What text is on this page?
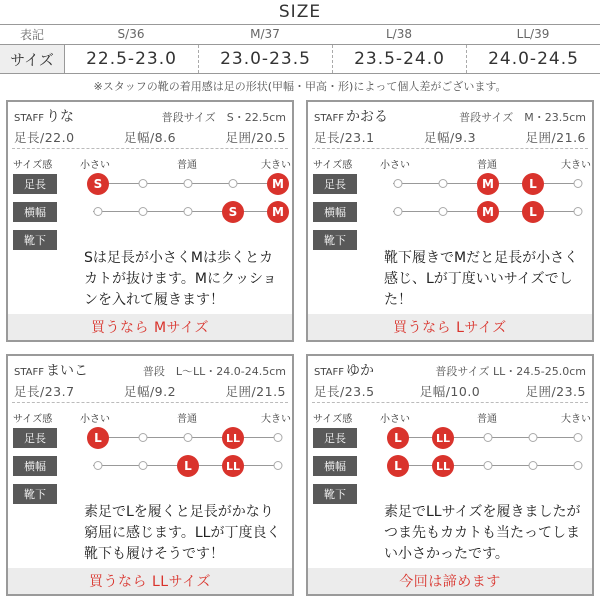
SIZE
表記	S/36	M/37	L/38	LL/39
サイズ	22.5-23.0	23.0-23.5	23.5-24.0	24.0-24.5
※スタッフの靴の着用感は足の形状(甲幅・甲高・形)によって個人差がございます。
STAFF りな	普段サイズ　S・22.5cm
足長/22.0	足幅/8.6	足囲/20.5
サイズ感	小さい	普通	大きい
足長	S	M
横幅	S	M
靴下
Sは足長が小さくMは歩くとカカトが抜けます。Mにクッションを入れて履きます！
買うなら Mサイズ
STAFF かおる	普段サイズ　M・23.5cm
足長/23.1	足幅/9.3	足囲/21.6
サイズ感	小さい	普通	大きい
足長	M	L
横幅	M	L
靴下
靴下履きでMだと足長が小さく感じ、Lが丁度いいサイズでした！
買うなら Lサイズ
STAFF まいこ	普段　L〜LL・24.0-24.5cm
足長/23.7	足幅/9.2	足囲/21.5
サイズ感	小さい	普通	大きい
足長	L	LL
横幅	L	LL
靴下
素足でLを履くと足長がかなり窮屈に感じます。LLが丁度良く靴下も履けそうです！
買うなら LLサイズ
STAFF ゆか	普段サイズ LL・24.5-25.0cm
足長/23.5	足幅/10.0	足囲/23.5
サイズ感	小さい	普通	大きい
足長	L	LL
横幅	L	LL
靴下
素足でLLサイズを履きましたがつま先もカカトも当たってしまい小さかったです。
今回は諦めます
